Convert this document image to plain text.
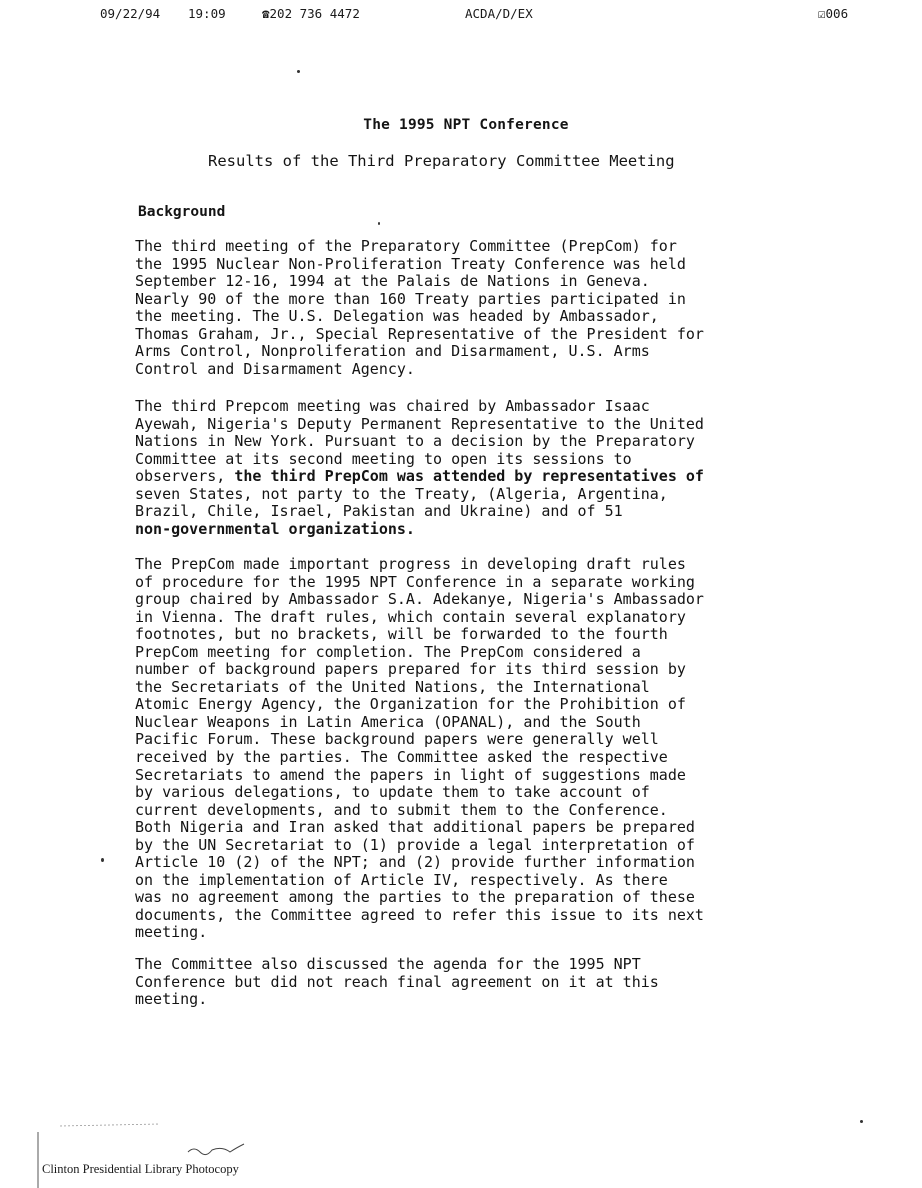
09/22/94 19:09	☎202 736 4472	ACDA/D/EX	☑006
The 1995 NPT Conference
Results of the Third Preparatory Committee Meeting
Background
The third meeting of the Preparatory Committee (PrepCom) for
the 1995 Nuclear Non-Proliferation Treaty Conference was held
September 12-16, 1994 at the Palais de Nations in Geneva.
Nearly 90 of the more than 160 Treaty parties participated in
the meeting. The U.S. Delegation was headed by Ambassador,
Thomas Graham, Jr., Special Representative of the President for
Arms Control, Nonproliferation and Disarmament, U.S. Arms
Control and Disarmament Agency.
The third Prepcom meeting was chaired by Ambassador Isaac
Ayewah, Nigeria's Deputy Permanent Representative to the United
Nations in New York. Pursuant to a decision by the Preparatory
Committee at its second meeting to open its sessions to
observers, the third PrepCom was attended by representatives of
seven States, not party to the Treaty, (Algeria, Argentina,
Brazil, Chile, Israel, Pakistan and Ukraine) and of 51
non-governmental organizations.
The PrepCom made important progress in developing draft rules
of procedure for the 1995 NPT Conference in a separate working
group chaired by Ambassador S.A. Adekanye, Nigeria's Ambassador
in Vienna. The draft rules, which contain several explanatory
footnotes, but no brackets, will be forwarded to the fourth
PrepCom meeting for completion. The PrepCom considered a
number of background papers prepared for its third session by
the Secretariats of the United Nations, the International
Atomic Energy Agency, the Organization for the Prohibition of
Nuclear Weapons in Latin America (OPANAL), and the South
Pacific Forum. These background papers were generally well
received by the parties. The Committee asked the respective
Secretariats to amend the papers in light of suggestions made
by various delegations, to update them to take account of
current developments, and to submit them to the Conference.
Both Nigeria and Iran asked that additional papers be prepared
by the UN Secretariat to (1) provide a legal interpretation of
Article 10 (2) of the NPT; and (2) provide further information
on the implementation of Article IV, respectively. As there
was no agreement among the parties to the preparation of these
documents, the Committee agreed to refer this issue to its next
meeting.
The Committee also discussed the agenda for the 1995 NPT
Conference but did not reach final agreement on it at this
meeting.
Clinton Presidential Library Photocopy
